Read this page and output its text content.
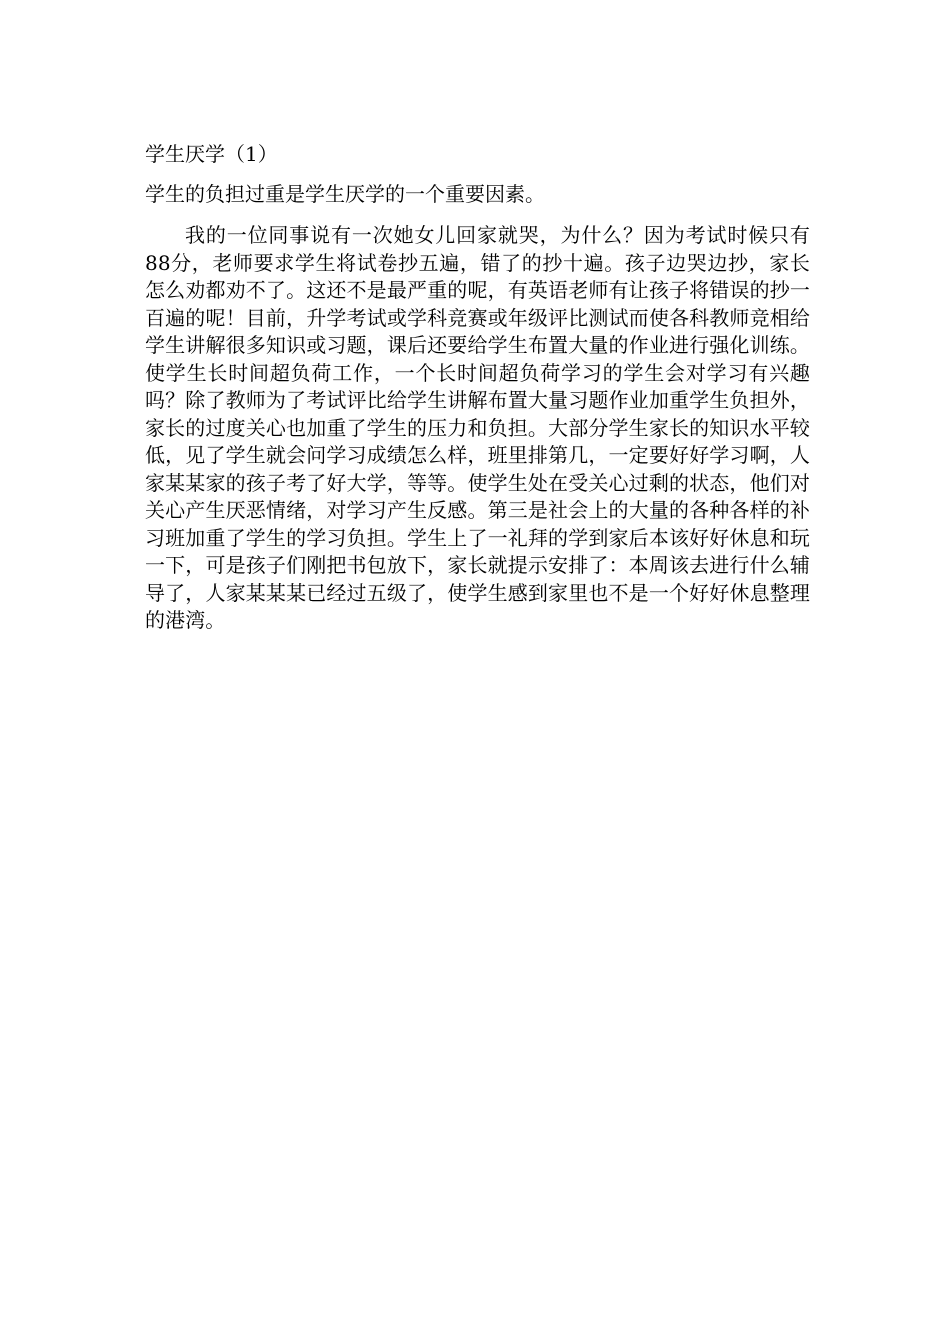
学生厌学（1）

学生的负担过重是学生厌学的一个重要因素。

我的一位同事说有一次她女儿回家就哭，为什么？因为考试时候只有88分，老师要求学生将试卷抄五遍，错了的抄十遍。孩子边哭边抄，家长怎么劝都劝不了。这还不是最严重的呢，有英语老师有让孩子将错误的抄一百遍的呢！目前，升学考试或学科竞赛或年级评比测试而使各科教师竞相给学生讲解很多知识或习题，课后还要给学生布置大量的作业进行强化训练。使学生长时间超负荷工作，一个长时间超负荷学习的学生会对学习有兴趣吗？除了教师为了考试评比给学生讲解布置大量习题作业加重学生负担外，家长的过度关心也加重了学生的压力和负担。大部分学生家长的知识水平较低，见了学生就会问学习成绩怎么样，班里排第几，一定要好好学习啊，人家某某家的孩子考了好大学，等等。使学生处在受关心过剩的状态，他们对关心产生厌恶情绪，对学习产生反感。第三是社会上的大量的各种各样的补习班加重了学生的学习负担。学生上了一礼拜的学到家后本该好好休息和玩一下，可是孩子们刚把书包放下，家长就提示安排了：本周该去进行什么辅导了，人家某某某已经过五级了，使学生感到家里也不是一个好好休息整理的港湾。
